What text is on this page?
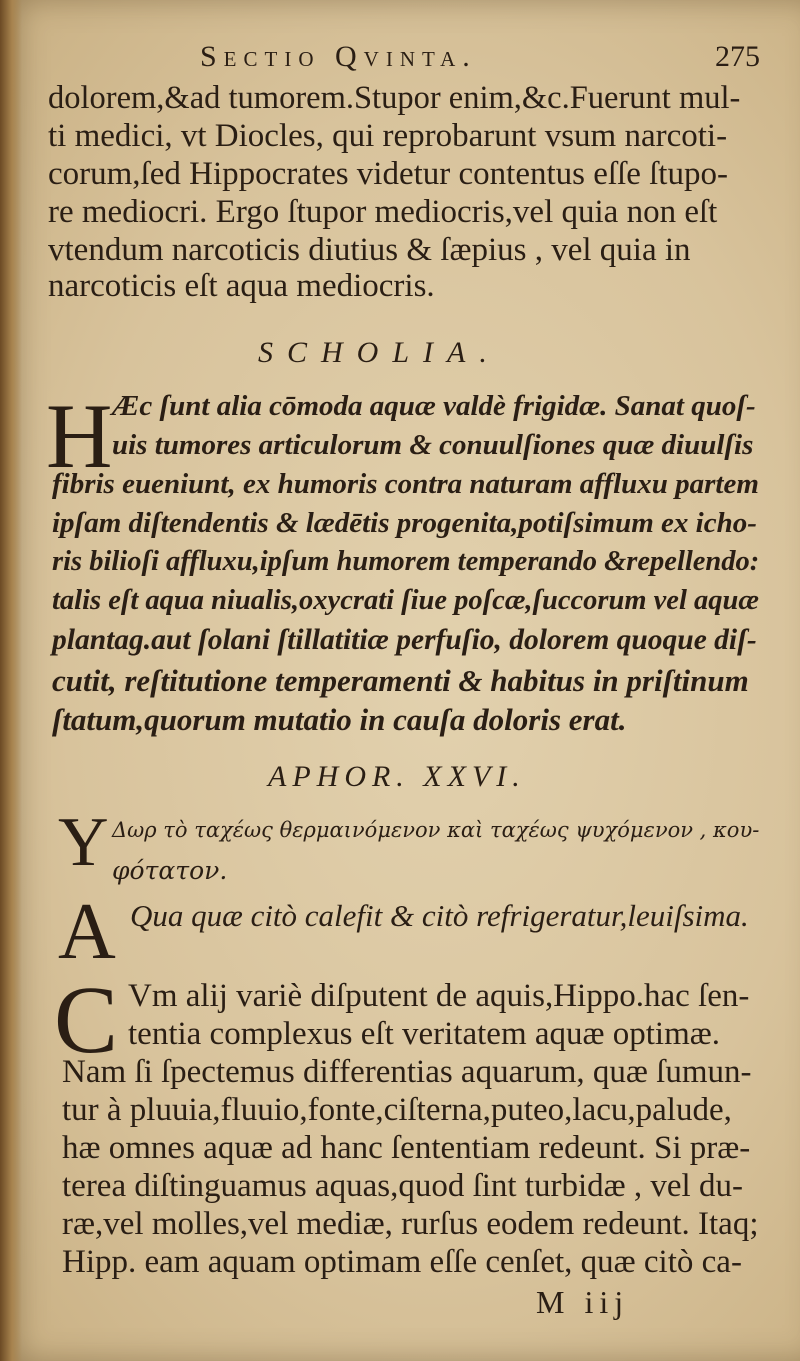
Sectio Qvinta.	275
dolorem,&ad tumorem.Stupor enim,&c.Fuerunt mul-
ti medici, vt Diocles, qui reprobarunt vsum narcoti-
corum,ſed Hippocrates videtur contentus eſſe ſtupo-
re mediocri. Ergo ſtupor mediocris,vel quia non eſt
vtendum narcoticis diutius & ſæpius , vel quia in
narcoticis eſt aqua mediocris.
SCHOLIA.
H Æc ſunt alia cōmoda aquæ valdè frigidæ. Sanat quoſ-
uis tumores articulorum & conuulſiones quæ diuulſis
fibris eueniunt, ex humoris contra naturam affluxu partem
ipſam diſtendentis & lædētis progenita,potiſsimum ex icho-
ris bilioſi affluxu,ipſum humorem temperando &repellendo:
talis eſt aqua niualis,oxycrati ſiue poſcæ,ſuccorum vel aquæ
plantag.aut ſolani ſtillatitiæ perfuſio, dolorem quoque diſ-
cutit, reſtitutione temperamenti & habitus in priſtinum
ſtatum,quorum mutatio in cauſa doloris erat.
APHOR. XXVI.
Υ Δωρ τὸ ταχέως θερμαινόμενον καὶ ταχέως ψυχόμενον , κου-
φότατον.
A Qua quæ citò calefit & citò refrigeratur,leuiſsima.
C Vm alij variè diſputent de aquis,Hippo.hac ſen-
tentia complexus eſt veritatem aquæ optimæ.
Nam ſi ſpectemus differentias aquarum, quæ ſumun-
tur à pluuia,fluuio,fonte,ciſterna,puteo,lacu,palude,
hæ omnes aquæ ad hanc ſententiam redeunt. Si præ-
terea diſtinguamus aquas,quod ſint turbidæ , vel du-
ræ,vel molles,vel mediæ, rurſus eodem redeunt. Itaq;
Hipp. eam aquam optimam eſſe cenſet, quæ citò ca-
M iij
